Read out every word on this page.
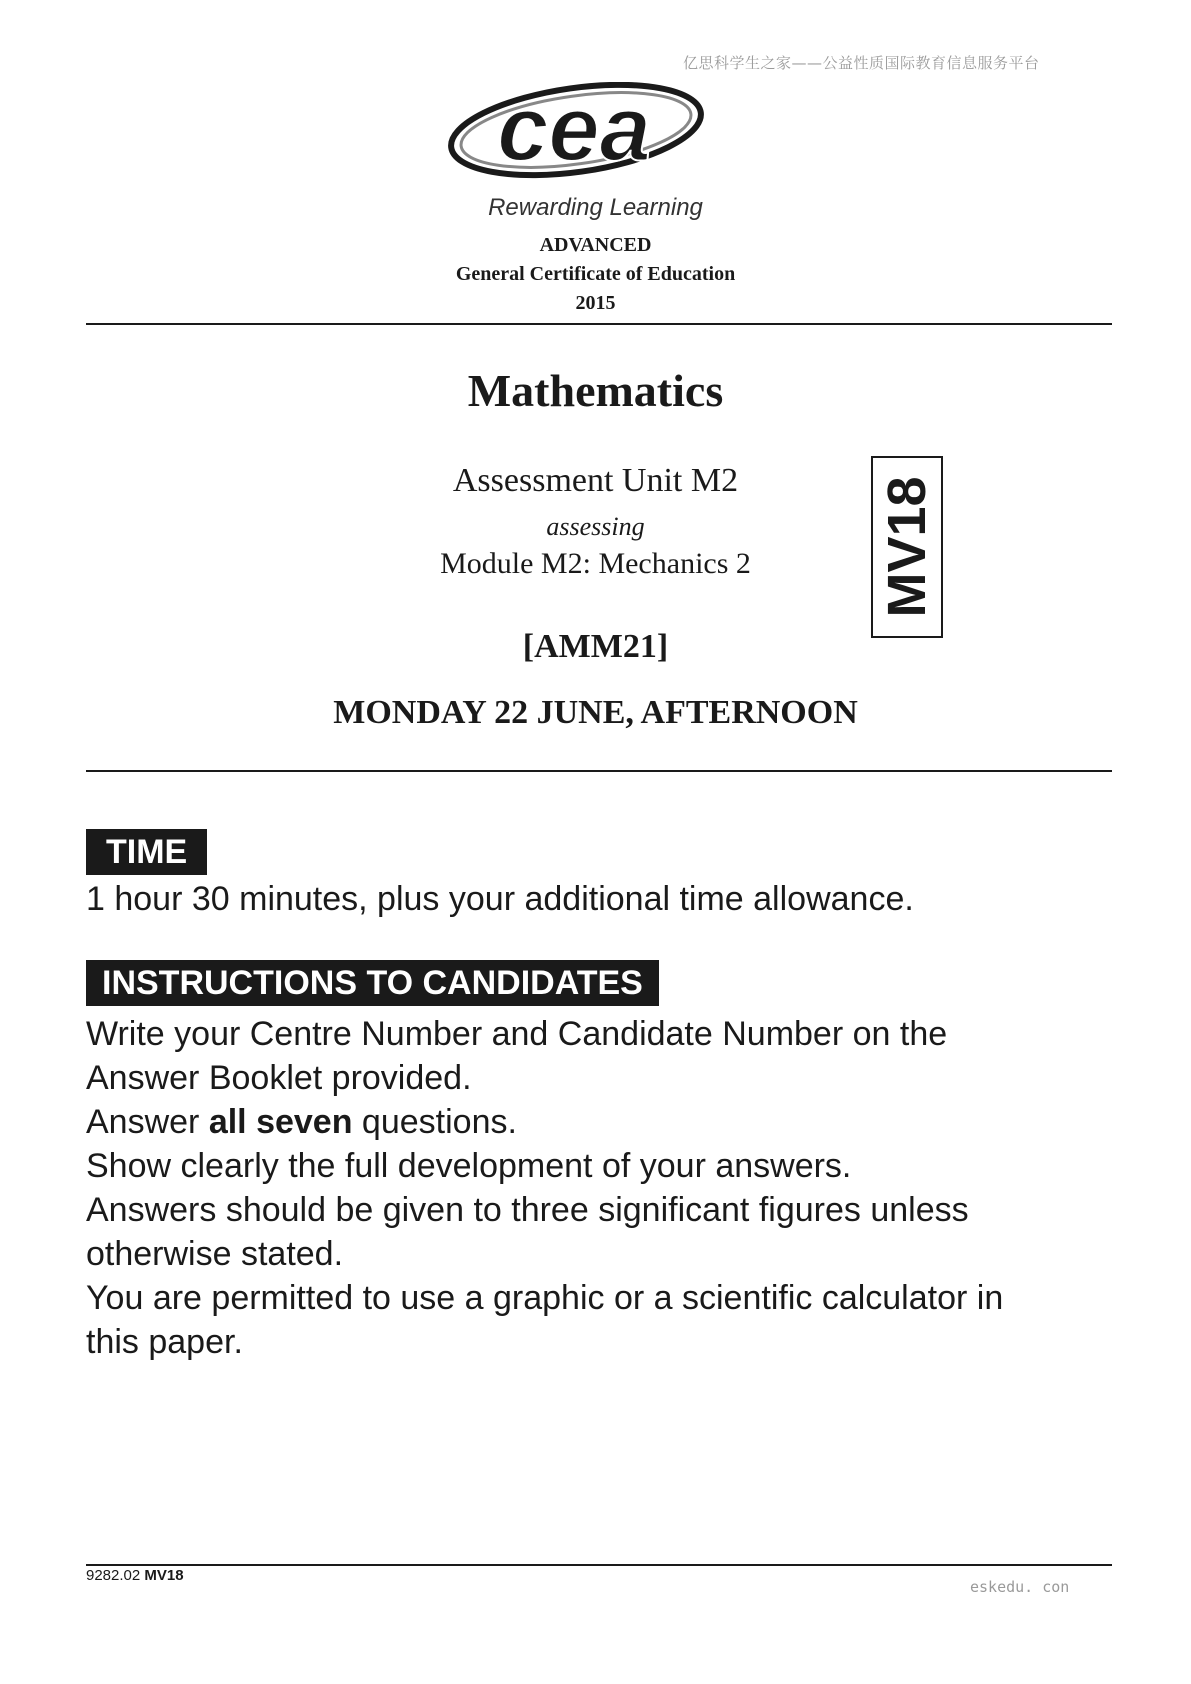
亿思科学生之家——公益性质国际教育信息服务平台
cea
Rewarding Learning
ADVANCED
General Certificate of Education
2015
Mathematics
Assessment Unit M2
assessing
Module M2: Mechanics 2
[AMM21]
MONDAY 22 JUNE, AFTERNOON
MV18
TIME
1 hour 30 minutes, plus your additional time allowance.
INSTRUCTIONS TO CANDIDATES
Write your Centre Number and Candidate Number on the
Answer Booklet provided.
Answer all seven questions.
Show clearly the full development of your answers.
Answers should be given to three significant figures unless
otherwise stated.
You are permitted to use a graphic or a scientific calculator in
this paper.
9282.02 MV18
eskedu. con
